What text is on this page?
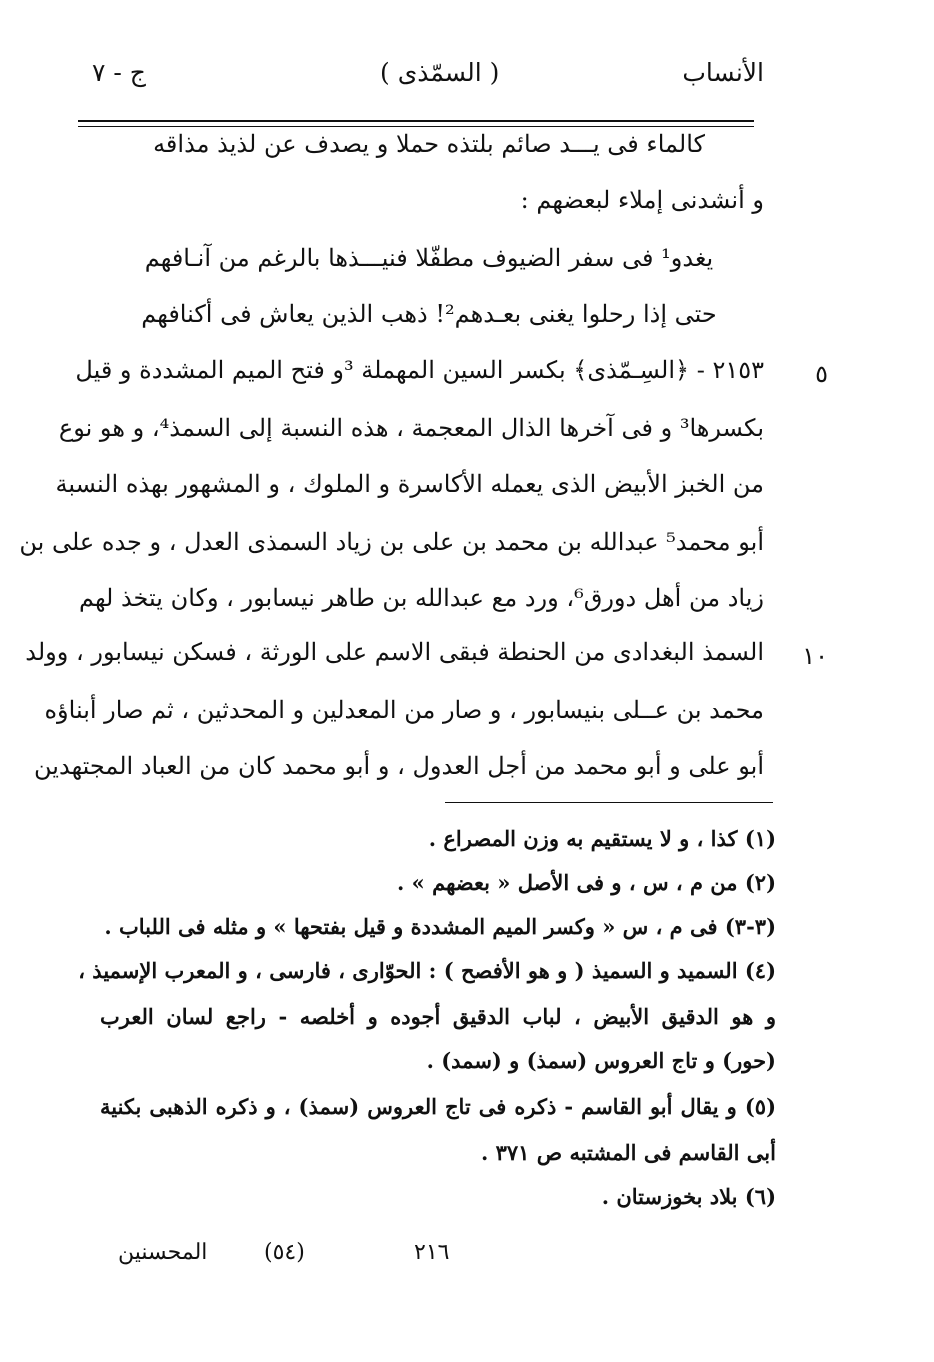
الأنساب
( السمّذى )
ج - ٧
كالماء فى يـــد صائم بلتذه حملا و يصدف عن لذيذ مذاقه
و أنشدنى إملاء لبعضهم :
يغدو¹ فى سفر الضيوف مطفّلا فنيـــذها بالرغم من آنـافهم
حتى إذا رحلوا يغنى بعـدهم²! ذهب الذين يعاش فى أكنافهم
٥
٢١٥٣ - ﴿السِـمّذى﴾ بكسر السين المهملة ³و فتح الميم المشددة و قيل
بكسرها³ و فى آخرها الذال المعجمة ، هذه النسبة إلى السمذ⁴، و هو نوع
من الخبز الأبيض الذى يعمله الأكاسرة و الملوك ، و المشهور بهذه النسبة
أبو محمد⁵ عبدالله بن محمد بن على بن زياد السمذى العدل ، و جده على بن
زياد من أهل دورق⁶، ورد مع عبدالله بن طاهر نيسابور ، وكان يتخذ لهم
١٠
السمذ البغدادى من الحنطة فبقى الاسم على الورثة ، فسكن نيسابور ، وولد
محمد بن عــلى بنيسابور ، و صار من المعدلين و المحدثين ، ثم صار أبناؤه
أبو على و أبو محمد من أجل العدول ، و أبو محمد كان من العباد المجتهدين
(١) كذا ، و لا يستقيم به وزن المصراع .
(٢) من م ، س ، و فى الأصل « بعضهم » .
(٣-٣) فى م ، س « وكسر الميم المشددة و قيل بفتحها » و مثله فى اللباب .
(٤) السميد و السميذ ( و هو الأفصح ) : الحوّارى ، فارسى ، و المعرب الإسميذ ،
و هو الدقيق الأبيض ، لباب الدقيق أجوده و أخلصه - راجع لسان العرب
(حور) و تاج العروس (سمذ) و (سمد) .
(٥) و يقال أبو القاسم - ذكره فى تاج العروس (سمذ) ، و ذكره الذهبى بكنية
أبى القاسم فى المشتبه ص ٣٧١ .
(٦) بلاد بخوزستان .
المحسنين	(٥٤)	٢١٦
